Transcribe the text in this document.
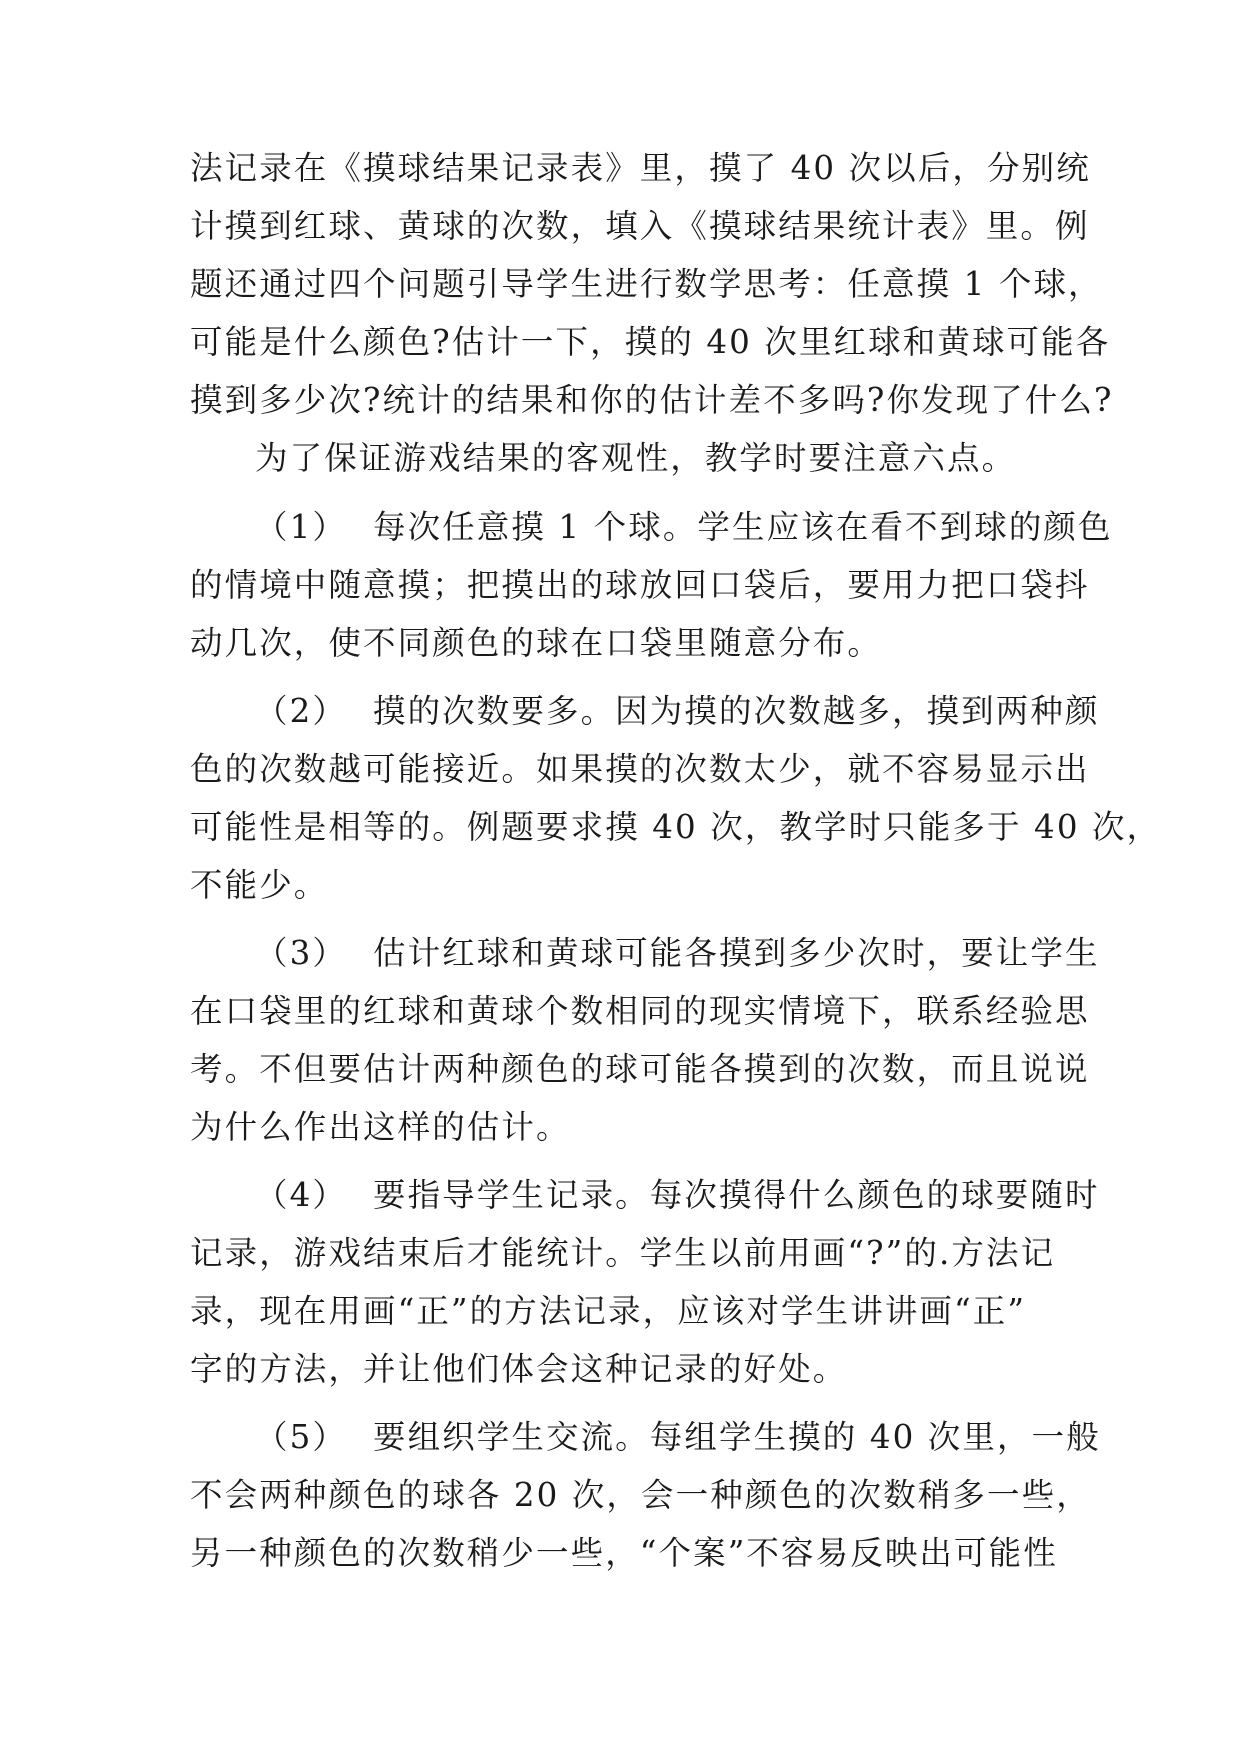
法记录在《摸球结果记录表》里，摸了 40 次以后，分别统
计摸到红球、黄球的次数，填入《摸球结果统计表》里。例
题还通过四个问题引导学生进行数学思考：任意摸 1 个球，
可能是什么颜色?估计一下，摸的 40 次里红球和黄球可能各
摸到多少次?统计的结果和你的估计差不多吗?你发现了什么?
为了保证游戏结果的客观性，教学时要注意六点。
（1） 每次任意摸 1 个球。学生应该在看不到球的颜色
的情境中随意摸；把摸出的球放回口袋后，要用力把口袋抖
动几次，使不同颜色的球在口袋里随意分布。
（2） 摸的次数要多。因为摸的次数越多，摸到两种颜
色的次数越可能接近。如果摸的次数太少，就不容易显示出
可能性是相等的。例题要求摸 40 次，教学时只能多于 40 次，
不能少。
（3） 估计红球和黄球可能各摸到多少次时，要让学生
在口袋里的红球和黄球个数相同的现实情境下，联系经验思
考。不但要估计两种颜色的球可能各摸到的次数，而且说说
为什么作出这样的估计。
（4） 要指导学生记录。每次摸得什么颜色的球要随时
记录，游戏结束后才能统计。学生以前用画“?”的.方法记
录，现在用画“正”的方法记录，应该对学生讲讲画“正”
字的方法，并让他们体会这种记录的好处。
（5） 要组织学生交流。每组学生摸的 40 次里，一般
不会两种颜色的球各 20 次，会一种颜色的次数稍多一些，
另一种颜色的次数稍少一些，“个案”不容易反映出可能性
